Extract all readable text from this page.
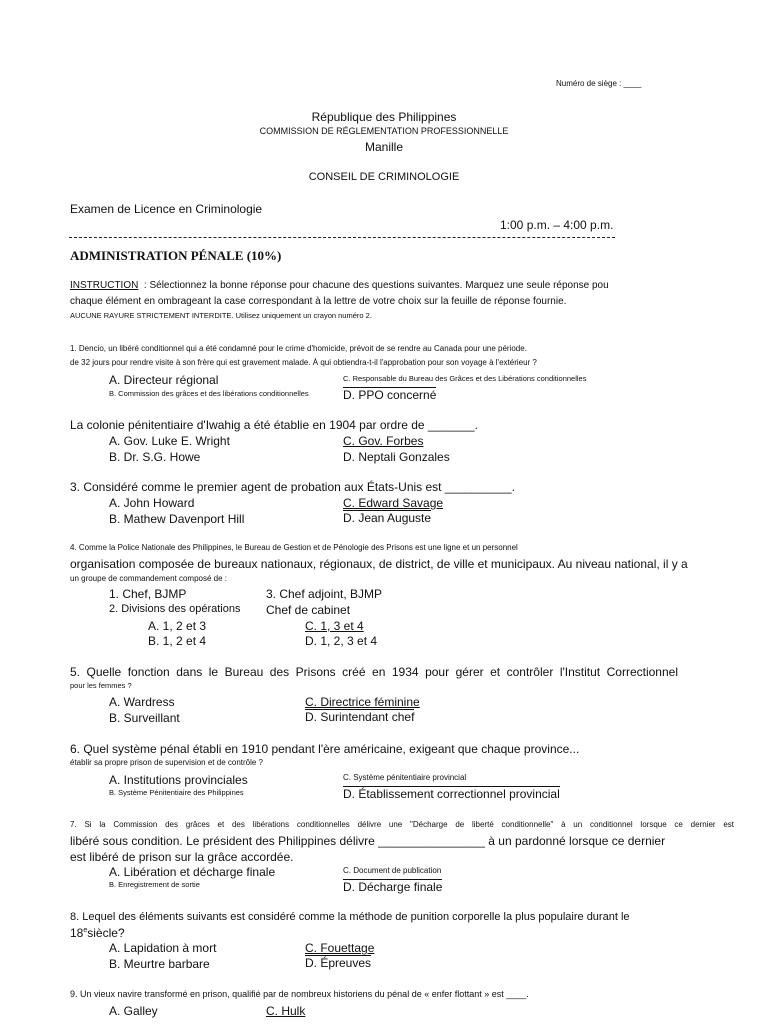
Numéro de siège : ____
République des Philippines
COMMISSION DE RÉGLEMENTATION PROFESSIONNELLE
Manille
CONSEIL DE CRIMINOLOGIE
Examen de Licence en Criminologie
1:00 p.m. – 4:00 p.m.
ADMINISTRATION PÉNALE (10%)
INSTRUCTION : Sélectionnez la bonne réponse pour chacune des questions suivantes. Marquez une seule réponse pou
chaque élément en ombrageant la case correspondant à la lettre de votre choix sur la feuille de réponse fournie.
AUCUNE RAYURE STRICTEMENT INTERDITE. Utilisez uniquement un crayon numéro 2.
1. Dencio, un libéré conditionnel qui a été condamné pour le crime d'homicide, prévoit de se rendre au Canada pour une période.
de 32 jours pour rendre visite à son frère qui est gravement malade. À qui obtiendra-t-il l'approbation pour son voyage à l'extérieur ?
A. Directeur régional
B. Commission des grâces et des libérations conditionnelles
C. Responsable du Bureau des Grâces et des Libérations conditionnelles
D. PPO concerné
La colonie pénitentiaire d'Iwahig a été établie en 1904 par ordre de _______.
A. Gov. Luke E. Wright
B. Dr. S.G. Howe
C. Gov. Forbes
D. Neptali Gonzales
3. Considéré comme le premier agent de probation aux États-Unis est __________.
A. John Howard
B. Mathew Davenport Hill
C. Edward Savage
D. Jean Auguste
4. Comme la Police Nationale des Philippines, le Bureau de Gestion et de Pénologie des Prisons est une ligne et un personnel
organisation composée de bureaux nationaux, régionaux, de district, de ville et municipaux. Au niveau national, il y a
un groupe de commandement composé de :
1. Chef, BJMP
2. Divisions des opérations
3. Chef adjoint, BJMP
Chef de cabinet
A. 1, 2 et 3
B. 1, 2 et 4
C. 1, 3 et 4
D. 1, 2, 3 et 4
5. Quelle fonction dans le Bureau des Prisons créé en 1934 pour gérer et contrôler l'Institut Correctionnel
pour les femmes ?
A. Wardress
B. Surveillant
C. Directrice féminine
D. Surintendant chef
6. Quel système pénal établi en 1910 pendant l'ère américaine, exigeant que chaque province...
établir sa propre prison de supervision et de contrôle ?
A. Institutions provinciales
B. Système Pénitentiaire des Philippines
C. Système pénitentiaire provincial
D. Établissement correctionnel provincial
7. Si la Commission des grâces et des libérations conditionnelles délivre une "Décharge de liberté conditionnelle" à un conditionnel lorsque ce dernier est
libéré sous condition. Le président des Philippines délivre ________________ à un pardonné lorsque ce dernier
est libéré de prison sur la grâce accordée.
A. Libération et décharge finale
B. Enregistrement de sortie
C. Document de publication
D. Décharge finale
8. Lequel des éléments suivants est considéré comme la méthode de punition corporelle la plus populaire durant le
18esiècle?
A. Lapidation à mort
B. Meurtre barbare
C. Fouettage
D. Épreuves
9. Un vieux navire transformé en prison, qualifié par de nombreux historiens du pénal de « enfer flottant » est ____.
A. Galley	C. Hulk
